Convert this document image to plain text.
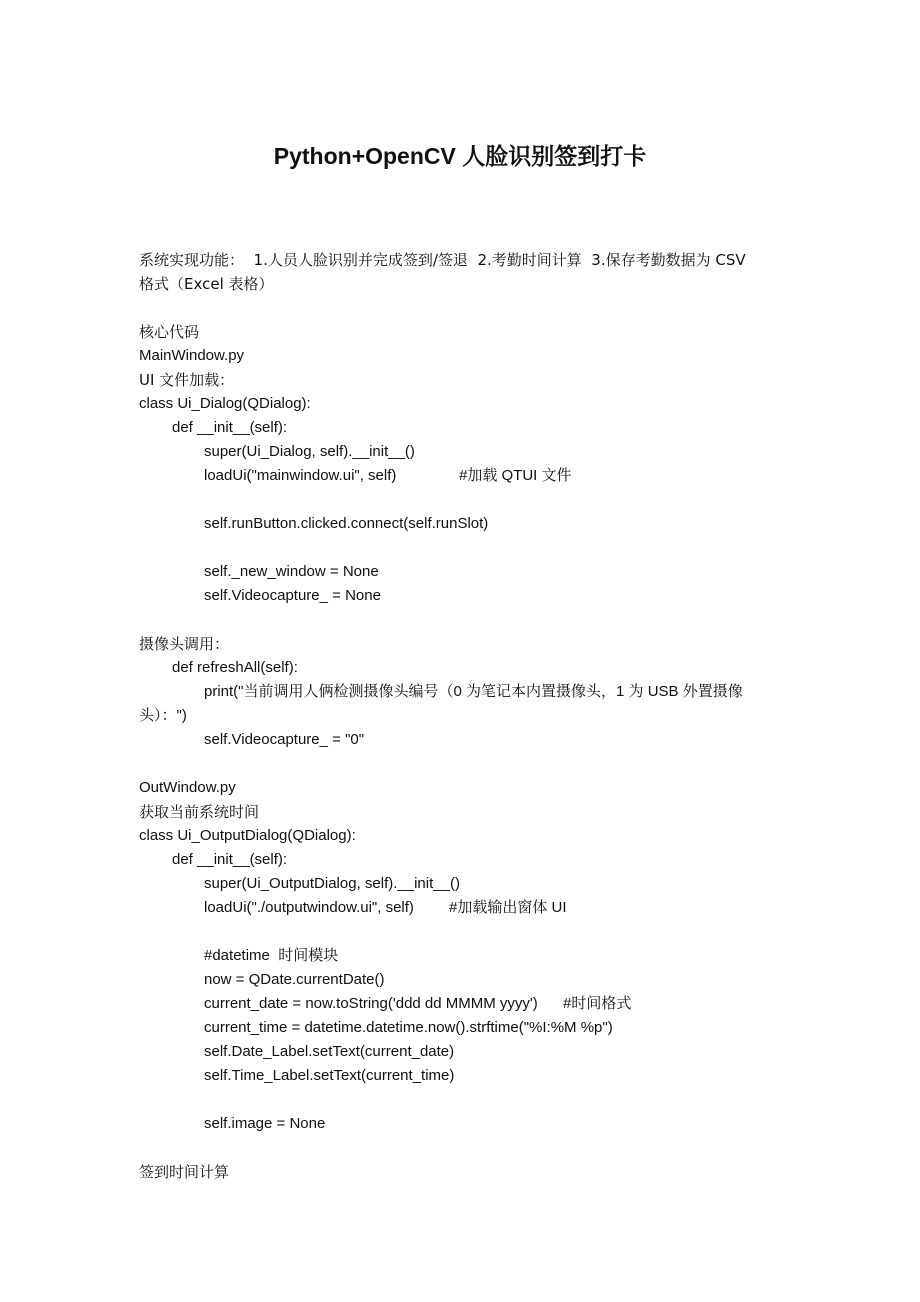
Python+OpenCV 人脸识别签到打卡
系统实现功能：  1.人员人脸识别并完成签到/签退  2.考勤时间计算  3.保存考勤数据为 CSV
格式（Excel 表格）
核心代码
MainWindow.py
UI 文件加载：
class Ui_Dialog(QDialog):
def __init__(self):
super(Ui_Dialog, self).__init__()
loadUi("mainwindow.ui", self)	#加载 QTUI 文件
self.runButton.clicked.connect(self.runSlot)
self._new_window = None
self.Videocapture_ = None
摄像头调用：
def refreshAll(self):
print("当前调用人俩检测摄像头编号（0 为笔记本内置摄像头，1 为 USB 外置摄像
头）：")
self.Videocapture_ = "0"
OutWindow.py
获取当前系统时间
class Ui_OutputDialog(QDialog):
def __init__(self):
super(Ui_OutputDialog, self).__init__()
loadUi("./outputwindow.ui", self) #加载输出窗体 UI
#datetime  时间模块
now = QDate.currentDate()
current_date = now.toString('ddd dd MMMM yyyy') #时间格式
current_time = datetime.datetime.now().strftime("%I:%M %p")
self.Date_Label.setText(current_date)
self.Time_Label.setText(current_time)
self.image = None
签到时间计算
